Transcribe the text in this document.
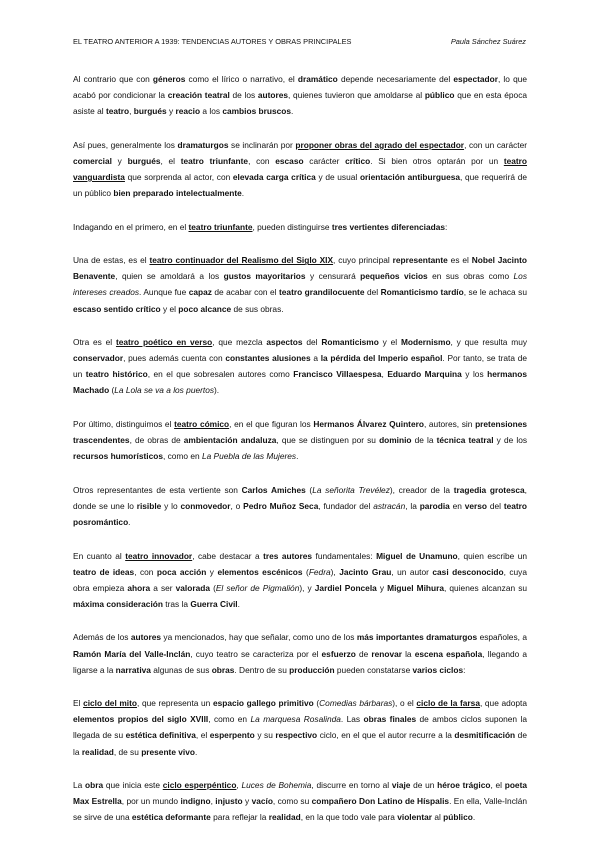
EL TEATRO ANTERIOR A 1939: TENDENCIAS AUTORES Y OBRAS PRINCIPALES	Paula Sánchez Suárez

Al contrario que con géneros como el lírico o narrativo, el dramático depende necesariamente del espectador, lo que acabó por condicionar la creación teatral de los autores, quienes tuvieron que amoldarse al público que en esta época asiste al teatro, burgués y reacio a los cambios bruscos.

Así pues, generalmente los dramaturgos se inclinarán por proponer obras del agrado del espectador, con un carácter comercial y burgués, el teatro triunfante, con escaso carácter crítico. Si bien otros optarán por un teatro vanguardista que sorprenda al actor, con elevada carga crítica y de usual orientación antiburguesa, que requerirá de un público bien preparado intelectualmente.

Indagando en el primero, en el teatro triunfante, pueden distinguirse tres vertientes diferenciadas:

Una de estas, es el teatro continuador del Realismo del Siglo XIX, cuyo principal representante es el Nobel Jacinto Benavente, quien se amoldará a los gustos mayoritarios y censurará pequeños vicios en sus obras como Los intereses creados. Aunque fue capaz de acabar con el teatro grandilocuente del Romanticismo tardío, se le achaca su escaso sentido crítico y el poco alcance de sus obras.

Otra es el teatro poético en verso, que mezcla aspectos del Romanticismo y el Modernismo, y que resulta muy conservador, pues además cuenta con constantes alusiones a la pérdida del Imperio español. Por tanto, se trata de un teatro histórico, en el que sobresalen autores como Francisco Villaespesa, Eduardo Marquina y los hermanos Machado (La Lola se va a los puertos).

Por último, distinguimos el teatro cómico, en el que figuran los Hermanos Álvarez Quintero, autores, sin pretensiones trascendentes, de obras de ambientación andaluza, que se distinguen por su dominio de la técnica teatral y de los recursos humorísticos, como en La Puebla de las Mujeres.

Otros representantes de esta vertiente son Carlos Amiches (La señorita Trevélez), creador de la tragedia grotesca, donde se une lo risible y lo conmovedor, o Pedro Muñoz Seca, fundador del astracán, la parodia en verso del teatro posromántico.

En cuanto al teatro innovador, cabe destacar a tres autores fundamentales: Miguel de Unamuno, quien escribe un teatro de ideas, con poca acción y elementos escénicos (Fedra), Jacinto Grau, un autor casi desconocido, cuya obra empieza ahora a ser valorada (El señor de Pigmalión), y Jardiel Poncela y Miguel Mihura, quienes alcanzan su máxima consideración tras la Guerra Civil.

Además de los autores ya mencionados, hay que señalar, como uno de los más importantes dramaturgos españoles, a Ramón María del Valle-Inclán, cuyo teatro se caracteriza por el esfuerzo de renovar la escena española, llegando a ligarse a la narrativa algunas de sus obras. Dentro de su producción pueden constatarse varios ciclos:

El ciclo del mito, que representa un espacio gallego primitivo (Comedias bárbaras), o el ciclo de la farsa, que adopta elementos propios del siglo XVIII, como en La marquesa Rosalinda. Las obras finales de ambos ciclos suponen la llegada de su estética definitiva, el esperpento y su respectivo ciclo, en el que el autor recurre a la desmitificación de la realidad, de su presente vivo.

La obra que inicia este ciclo esperpéntico, Luces de Bohemia, discurre en torno al viaje de un héroe trágico, el poeta Max Estrella, por un mundo indigno, injusto y vacío, como su compañero Don Latino de Híspalis. En ella, Valle-Inclán se sirve de una estética deformante para reflejar la realidad, en la que todo vale para violentar al público.
